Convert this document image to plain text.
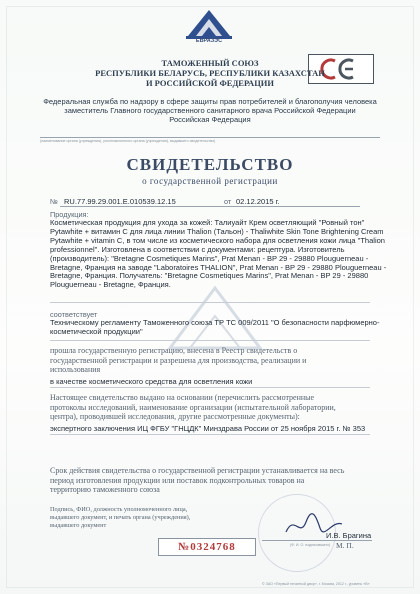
ЕВРАЗЭС
ТАМОЖЕННЫЙ СОЮЗ
РЕСПУБЛИКИ БЕЛАРУСЬ, РЕСПУБЛИКИ КАЗАХСТАН
И РОССИЙСКОЙ ФЕДЕРАЦИИ
Федеральная служба по надзору в сфере защиты прав потребителей и благополучия человека
заместитель Главного государственного санитарного врача Российской Федерации
Российская Федерация
(наименование органа (учреждения), уполномоченного органа (учреждения), выдавшего свидетельство)
СВИДЕТЕЛЬСТВО
о государственной регистрации
№ RU.77.99.29.001.E.010539.12.15	от 02.12.2015 г.
Продукция:
Косметическая продукция для ухода за кожей: Талиуайт Крем осветляющий "Ровный тон"
Pytawhite + витамин C для лица линии Thalion (Тальон) - Thaliwhite Skin Tone Brightening Cream
Pytawhite + vitamin C, в том числе из косметического набора для осветления кожи лица "Thalion
professionnel". Изготовлена в соответствии с документами: рецептура. Изготовитель
(производитель): "Bretagne Cosmetiques Marins", Prat Menan - BP 29 - 29880 Plouguerneau -
Bretagne, Франция на заводе "Laboratoires THALION", Prat Menan - BP 29 - 29880 Plouguerneau -
Bretagne, Франция. Получатель: "Bretagne Cosmetiques Marins", Prat Menan - BP 29 - 29880
Plouguerneau - Bretagne, Франция.
соответствует
Техническому регламенту Таможенного союза ТР ТС 009/2011 "О безопасности парфюмерно-
косметической продукции"
прошла государственную регистрацию, внесена в Реестр свидетельств о
государственной регистрации и разрешена для производства, реализации и
использования
в качестве косметического средства для осветления кожи
Настоящее свидетельство выдано на основании (перечислить рассмотренные
протоколы исследований, наименование организации (испытательной лаборатории,
центра), проводившей исследования, другие рассмотренные документы):
экспертного заключения ИЦ ФГБУ "ГНЦДК" Минздрава России от 25 ноября 2015 г. № 353
Срок действия свидетельства о государственной регистрации устанавливается на весь
период изготовления продукции или поставок подконтрольных товаров на
территорию таможенного союза
Подпись, ФИО, должность уполномоченного лица,
выдавшего документ, и печать органа (учреждения),
выдавшего документ
И.В. Брагина
(Ф. И. О. подписавшего)
№0324768	М. П.
© ЗАО «Первый печатный двор», г. Москва, 2012 г., уровень «В»
